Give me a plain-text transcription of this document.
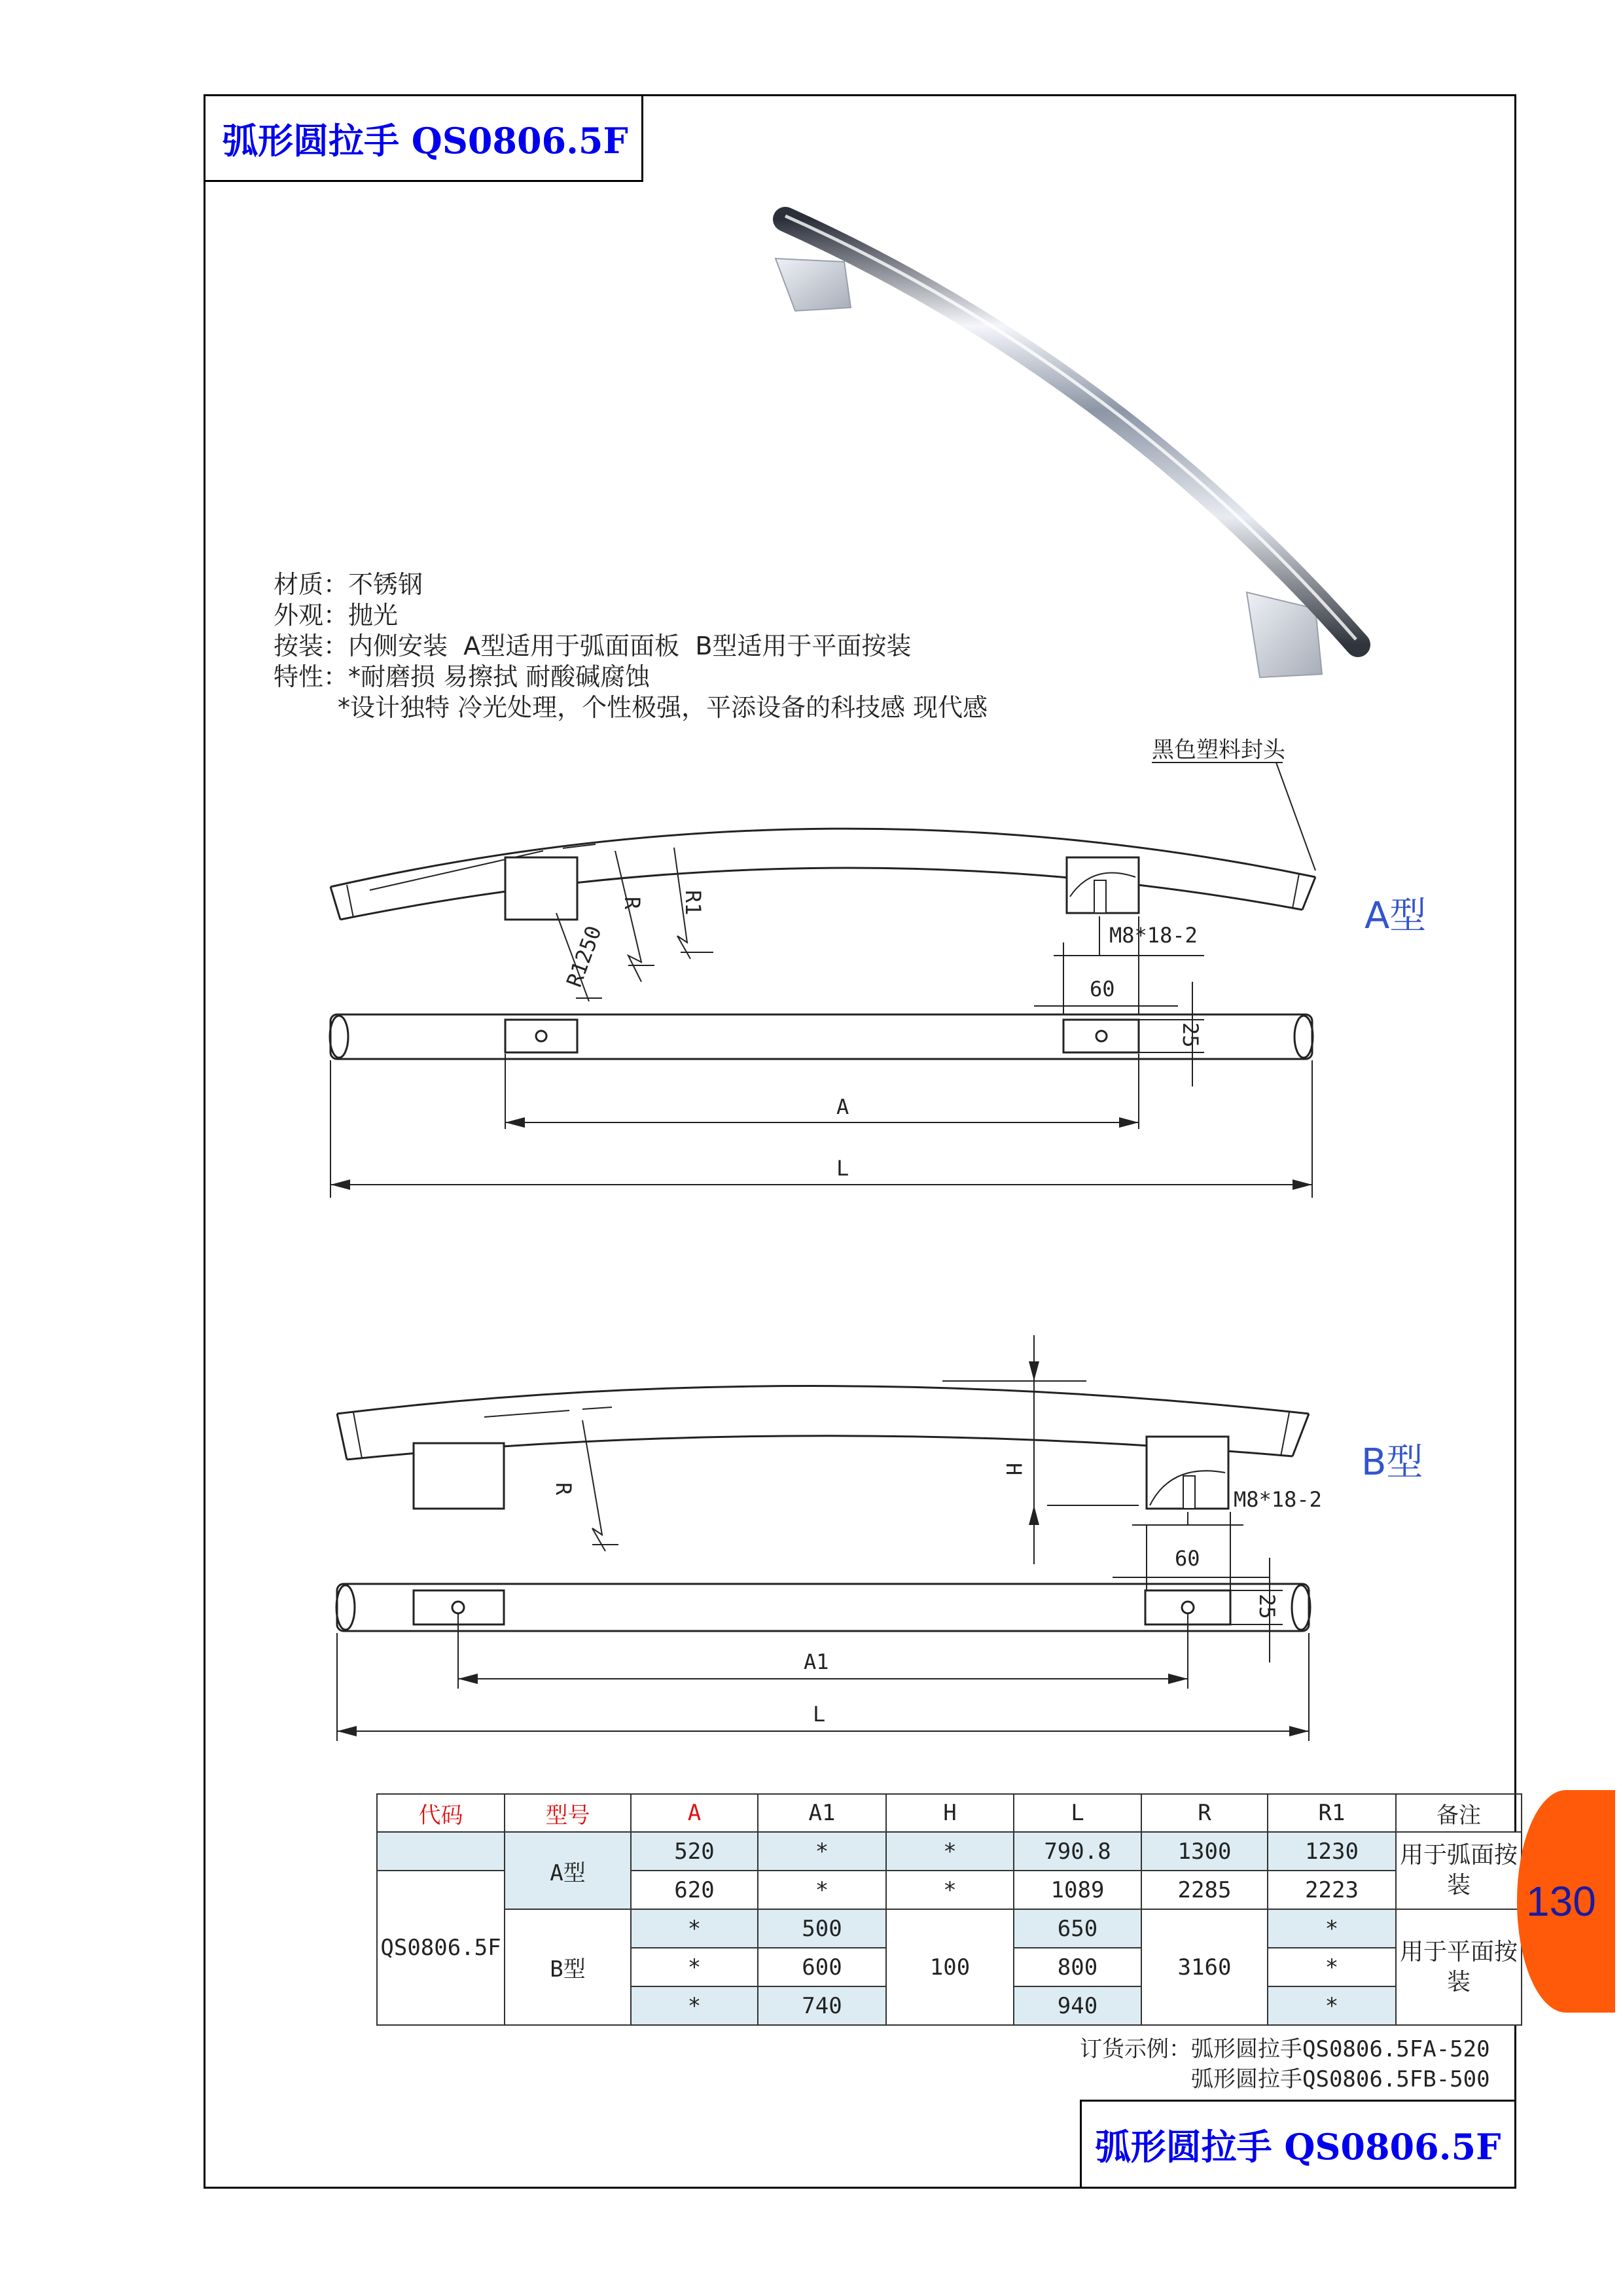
弧形圆拉手 QS0806.5F
材质：不锈钢
外观：抛光
按装：内侧安装  A型适用于弧面面板  B型适用于平面按装
特性：*耐磨损 易擦拭 耐酸碱腐蚀
*设计独特 冷光处理，个性极强，平添设备的科技感 现代感
黑色塑料封头
A型
R1250
R R1
M8*18-2
60
25
A
L
B型
R
H
M8*18-2
60
25
A1
L
代码	型号	A	A1	H	L	R	R1	备注
	A型	520	*	*	790.8	1300	1230	用于弧面按装
QS0806.5F		620	*	*	1089	2285	2223	
	B型	*	500	100	650	3160	*	用于平面按装
		*	600		800		*	
		*	740		940		*	
130
订货示例：弧形圆拉手QS0806.5FA-520
弧形圆拉手QS0806.5FB-500
弧形圆拉手 QS0806.5F
